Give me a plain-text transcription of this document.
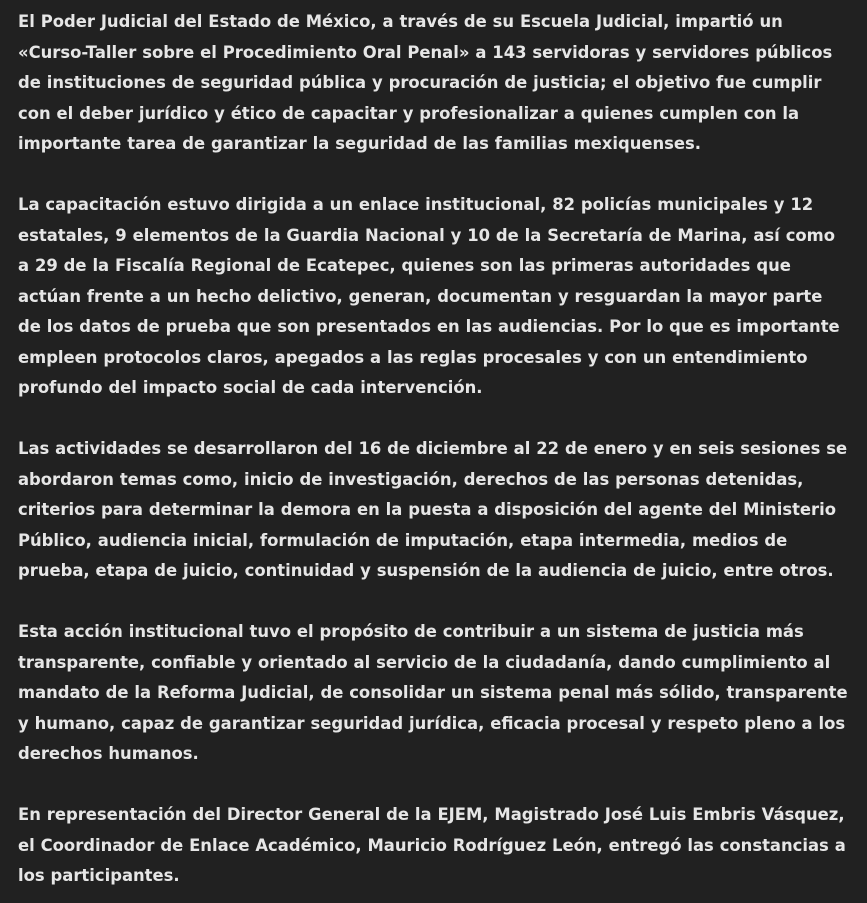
El Poder Judicial del Estado de México, a través de su Escuela Judicial, impartió un «Curso-Taller sobre el Procedimiento Oral Penal» a 143 servidoras y servidores públicos de instituciones de seguridad pública y procuración de justicia; el objetivo fue cumplir con el deber jurídico y ético de capacitar y profesionalizar a quienes cumplen con la importante tarea de garantizar la seguridad de las familias mexiquenses.

La capacitación estuvo dirigida a un enlace institucional, 82 policías municipales y 12 estatales, 9 elementos de la Guardia Nacional y 10 de la Secretaría de Marina, así como a 29 de la Fiscalía Regional de Ecatepec, quienes son las primeras autoridades que actúan frente a un hecho delictivo, generan, documentan y resguardan la mayor parte de los datos de prueba que son presentados en las audiencias. Por lo que es importante empleen protocolos claros, apegados a las reglas procesales y con un entendimiento profundo del impacto social de cada intervención.

Las actividades se desarrollaron del 16 de diciembre al 22 de enero y en seis sesiones se abordaron temas como, inicio de investigación, derechos de las personas detenidas, criterios para determinar la demora en la puesta a disposición del agente del Ministerio Público, audiencia inicial, formulación de imputación, etapa intermedia, medios de prueba, etapa de juicio, continuidad y suspensión de la audiencia de juicio, entre otros.

Esta acción institucional tuvo el propósito de contribuir a un sistema de justicia más transparente, confiable y orientado al servicio de la ciudadanía, dando cumplimiento al mandato de la Reforma Judicial, de consolidar un sistema penal más sólido, transparente y humano, capaz de garantizar seguridad jurídica, eficacia procesal y respeto pleno a los derechos humanos.

En representación del Director General de la EJEM, Magistrado José Luis Embris Vásquez, el Coordinador de Enlace Académico, Mauricio Rodríguez León, entregó las constancias a los participantes.
